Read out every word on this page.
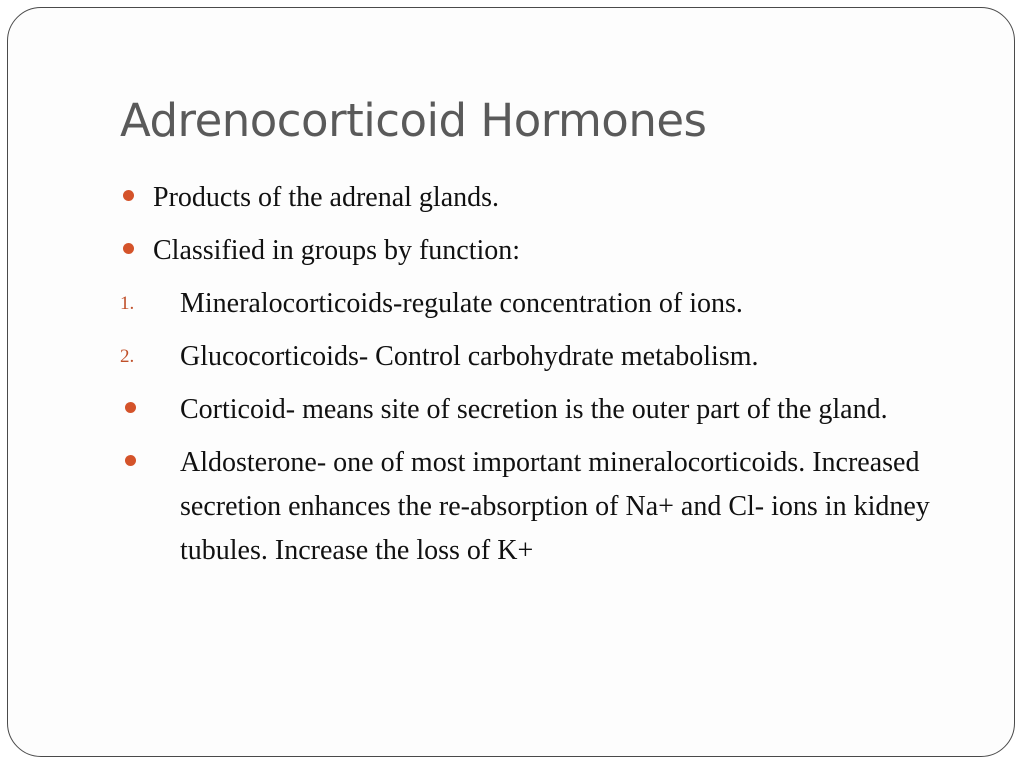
Adrenocorticoid Hormones
Products of the adrenal glands.
Classified in groups by function:
1. Mineralocorticoids-regulate concentration of ions.
2. Glucocorticoids- Control carbohydrate metabolism.
Corticoid- means site of secretion is the outer part of the gland.
Aldosterone- one of most important mineralocorticoids. Increased secretion enhances the re-absorption of Na+ and Cl- ions in kidney tubules. Increase the loss of K+
